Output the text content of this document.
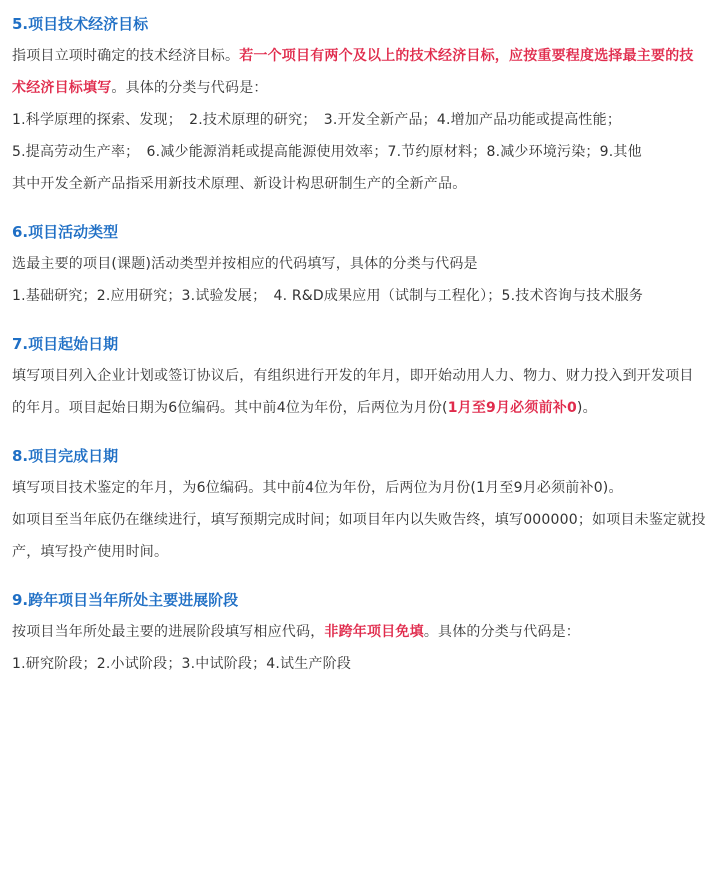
5.项目技术经济目标

指项目立项时确定的技术经济目标。若一个项目有两个及以上的技术经济目标，应按重要程度选择最主要的技术经济目标填写。具体的分类与代码是：

1.科学原理的探索、发现；　2.技术原理的研究；　3.开发全新产品；4.增加产品功能或提高性能；

5.提高劳动生产率；　6.减少能源消耗或提高能源使用效率；7.节约原材料；8.减少环境污染；9.其他

其中开发全新产品指采用新技术原理、新设计构思研制生产的全新产品。

6.项目活动类型

选最主要的项目(课题)活动类型并按相应的代码填写，具体的分类与代码是

1.基础研究；2.应用研究；3.试验发展；　4. R&D成果应用（试制与工程化）；5.技术咨询与技术服务

7.项目起始日期

填写项目列入企业计划或签订协议后，有组织进行开发的年月，即开始动用人力、物力、财力投入到开发项目的年月。项目起始日期为6位编码。其中前4位为年份，后两位为月份(1月至9月必须前补0)。

8.项目完成日期

填写项目技术鉴定的年月，为6位编码。其中前4位为年份，后两位为月份(1月至9月必须前补0)。

如项目至当年底仍在继续进行，填写预期完成时间；如项目年内以失败告终，填写000000；如项目未鉴定就投产，填写投产使用时间。

9.跨年项目当年所处主要进展阶段

按项目当年所处最主要的进展阶段填写相应代码，非跨年项目免填。具体的分类与代码是：

1.研究阶段；2.小试阶段；3.中试阶段；4.试生产阶段
